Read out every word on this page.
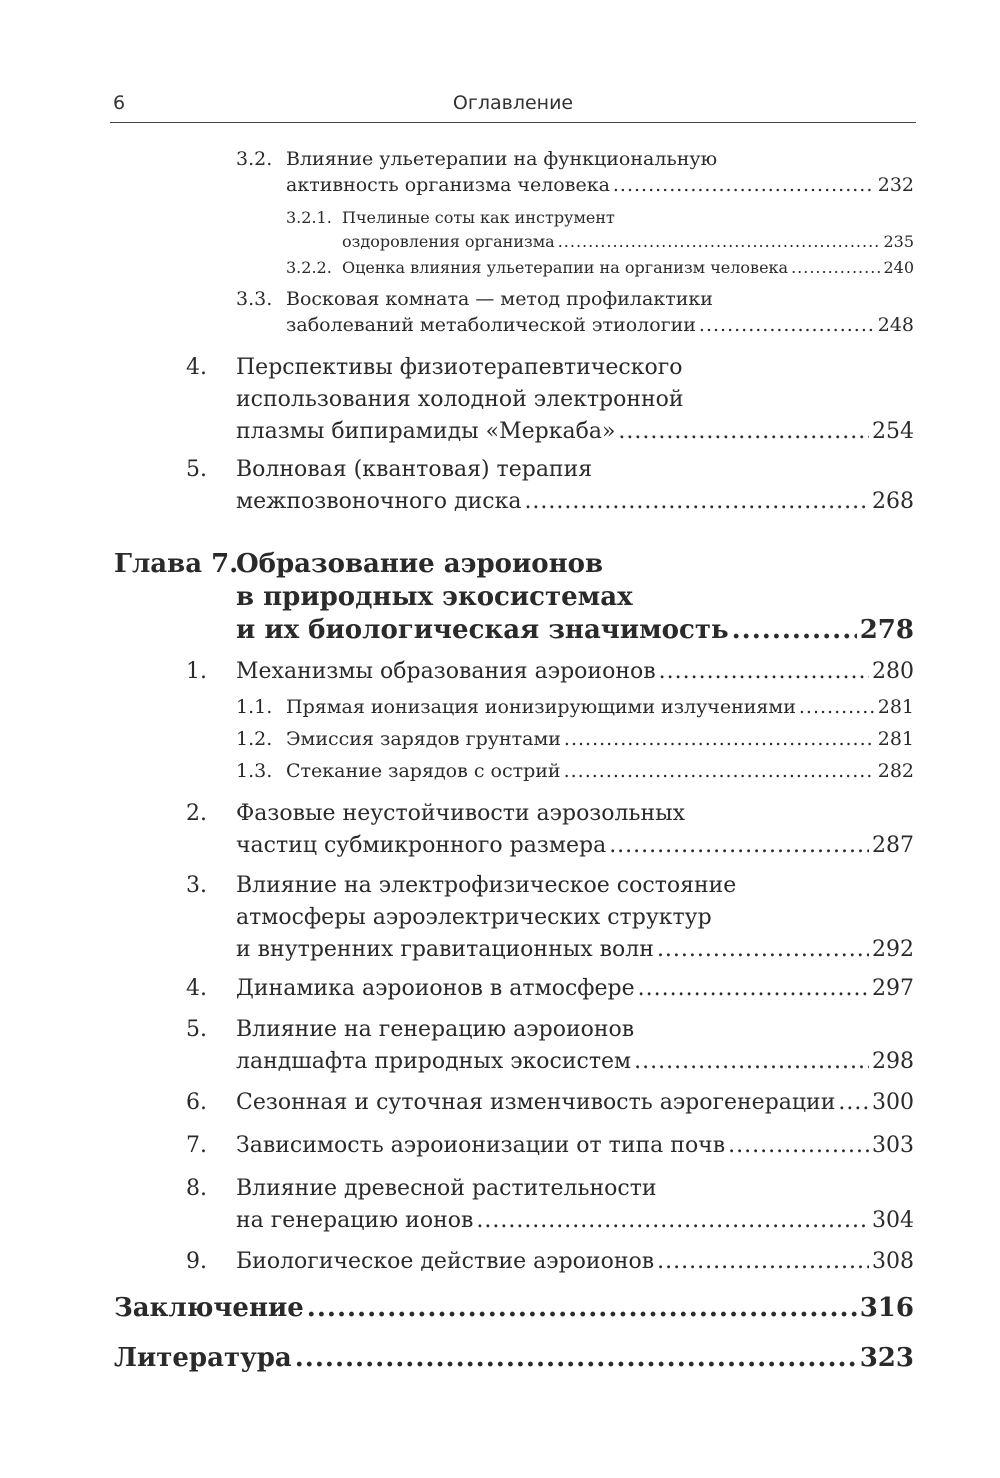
6	Оглавление
3.2. Влияние ульетерапии на функциональную
активность организма человека .....	232
3.2.1. Пчелиные соты как инструмент
оздоровления организма .....	235
3.2.2. Оценка влияния ульетерапии на организм человека .....	240
3.3. Восковая комната — метод профилактики
заболеваний метаболической этиологии .....	248
4. Перспективы физиотерапевтического
использования холодной электронной
плазмы бипирамиды «Меркаба» .....	254
5. Волновая (квантовая) терапия
межпозвоночного диска .....	268
Глава 7.
Образование аэроионов
в природных экосистемах
и их биологическая значимость .....	278
1. Механизмы образования аэроионов .....	280
1.1. Прямая ионизация ионизирующими излучениями .....	281
1.2. Эмиссия зарядов грунтами .....	281
1.3. Стекание зарядов с острий .....	282
2. Фазовые неустойчивости аэрозольных
частиц субмикронного размера .....	287
3. Влияние на электрофизическое состояние
атмосферы аэроэлектрических структур
и внутренних гравитационных волн .....	292
4. Динамика аэроионов в атмосфере .....	297
5. Влияние на генерацию аэроионов
ландшафта природных экосистем .....	298
6. Сезонная и суточная изменчивость аэрогенерации ..... 300
7. Зависимость аэроионизации от типа почв .....	303
8. Влияние древесной растительности
на генерацию ионов .....	304
9. Биологическое действие аэроионов .....	308
Заключение .....	316
Литература .....	323
